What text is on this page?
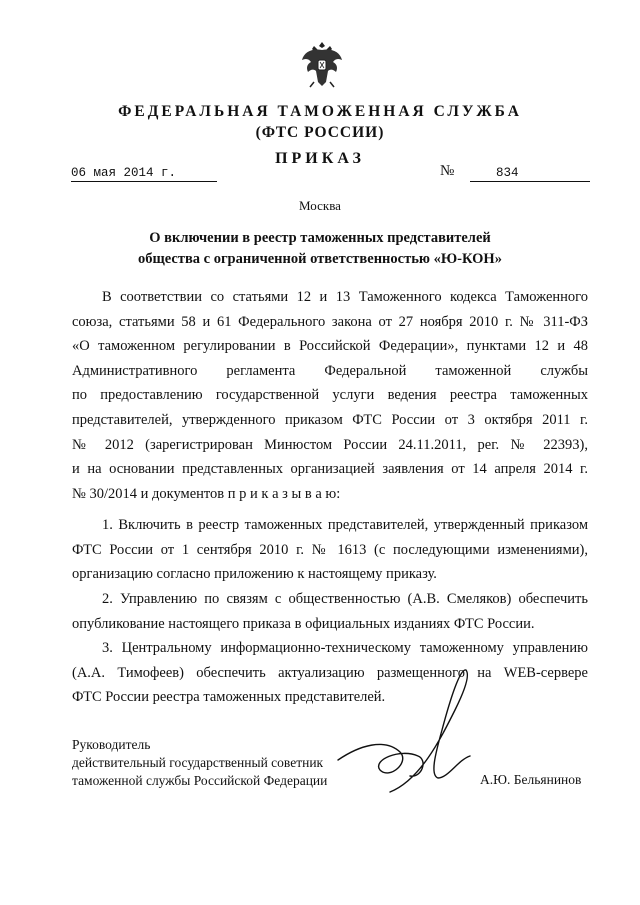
ФЕДЕРАЛЬНАЯ ТАМОЖЕННАЯ СЛУЖБА
(ФТС РОССИИ)
ПРИКАЗ
06 мая 2014 г.	№	834
Москва
О включении в реестр таможенных представителей
общества с ограниченной ответственностью «Ю-КОН»

В соответствии со статьями 12 и 13 Таможенного кодекса Таможенного

союза, статьями 58 и 61 Федерального закона от 27 ноября 2010 г. № 311-ФЗ

«О таможенном регулировании в Российской Федерации», пунктами 12 и 48

Административного регламента Федеральной таможенной службы

по предоставлению государственной услуги ведения реестра таможенных

представителей, утвержденного приказом ФТС России от 3 октября 2011 г.

№ 2012 (зарегистрирован Минюстом России 24.11.2011, рег. № 22393),

и на основании представленных организацией заявления от 14 апреля 2014 г.

№ 30/2014 и документов п р и к а з ы в а ю:

1. Включить в реестр таможенных представителей, утвержденный приказом

ФТС России от 1 сентября 2010 г. № 1613 (с последующими изменениями),

организацию согласно приложению к настоящему приказу.

2. Управлению по связям с общественностью (А.В. Смеляков) обеспечить

опубликование настоящего приказа в официальных изданиях ФТС России.

3. Центральному информационно-техническому таможенному управлению

(А.А. Тимофеев) обеспечить актуализацию размещенного на WEB-сервере

ФТС России реестра таможенных представителей.

Руководитель
действительный государственный советник
таможенной службы Российской Федерации	А.Ю. Бельянинов
